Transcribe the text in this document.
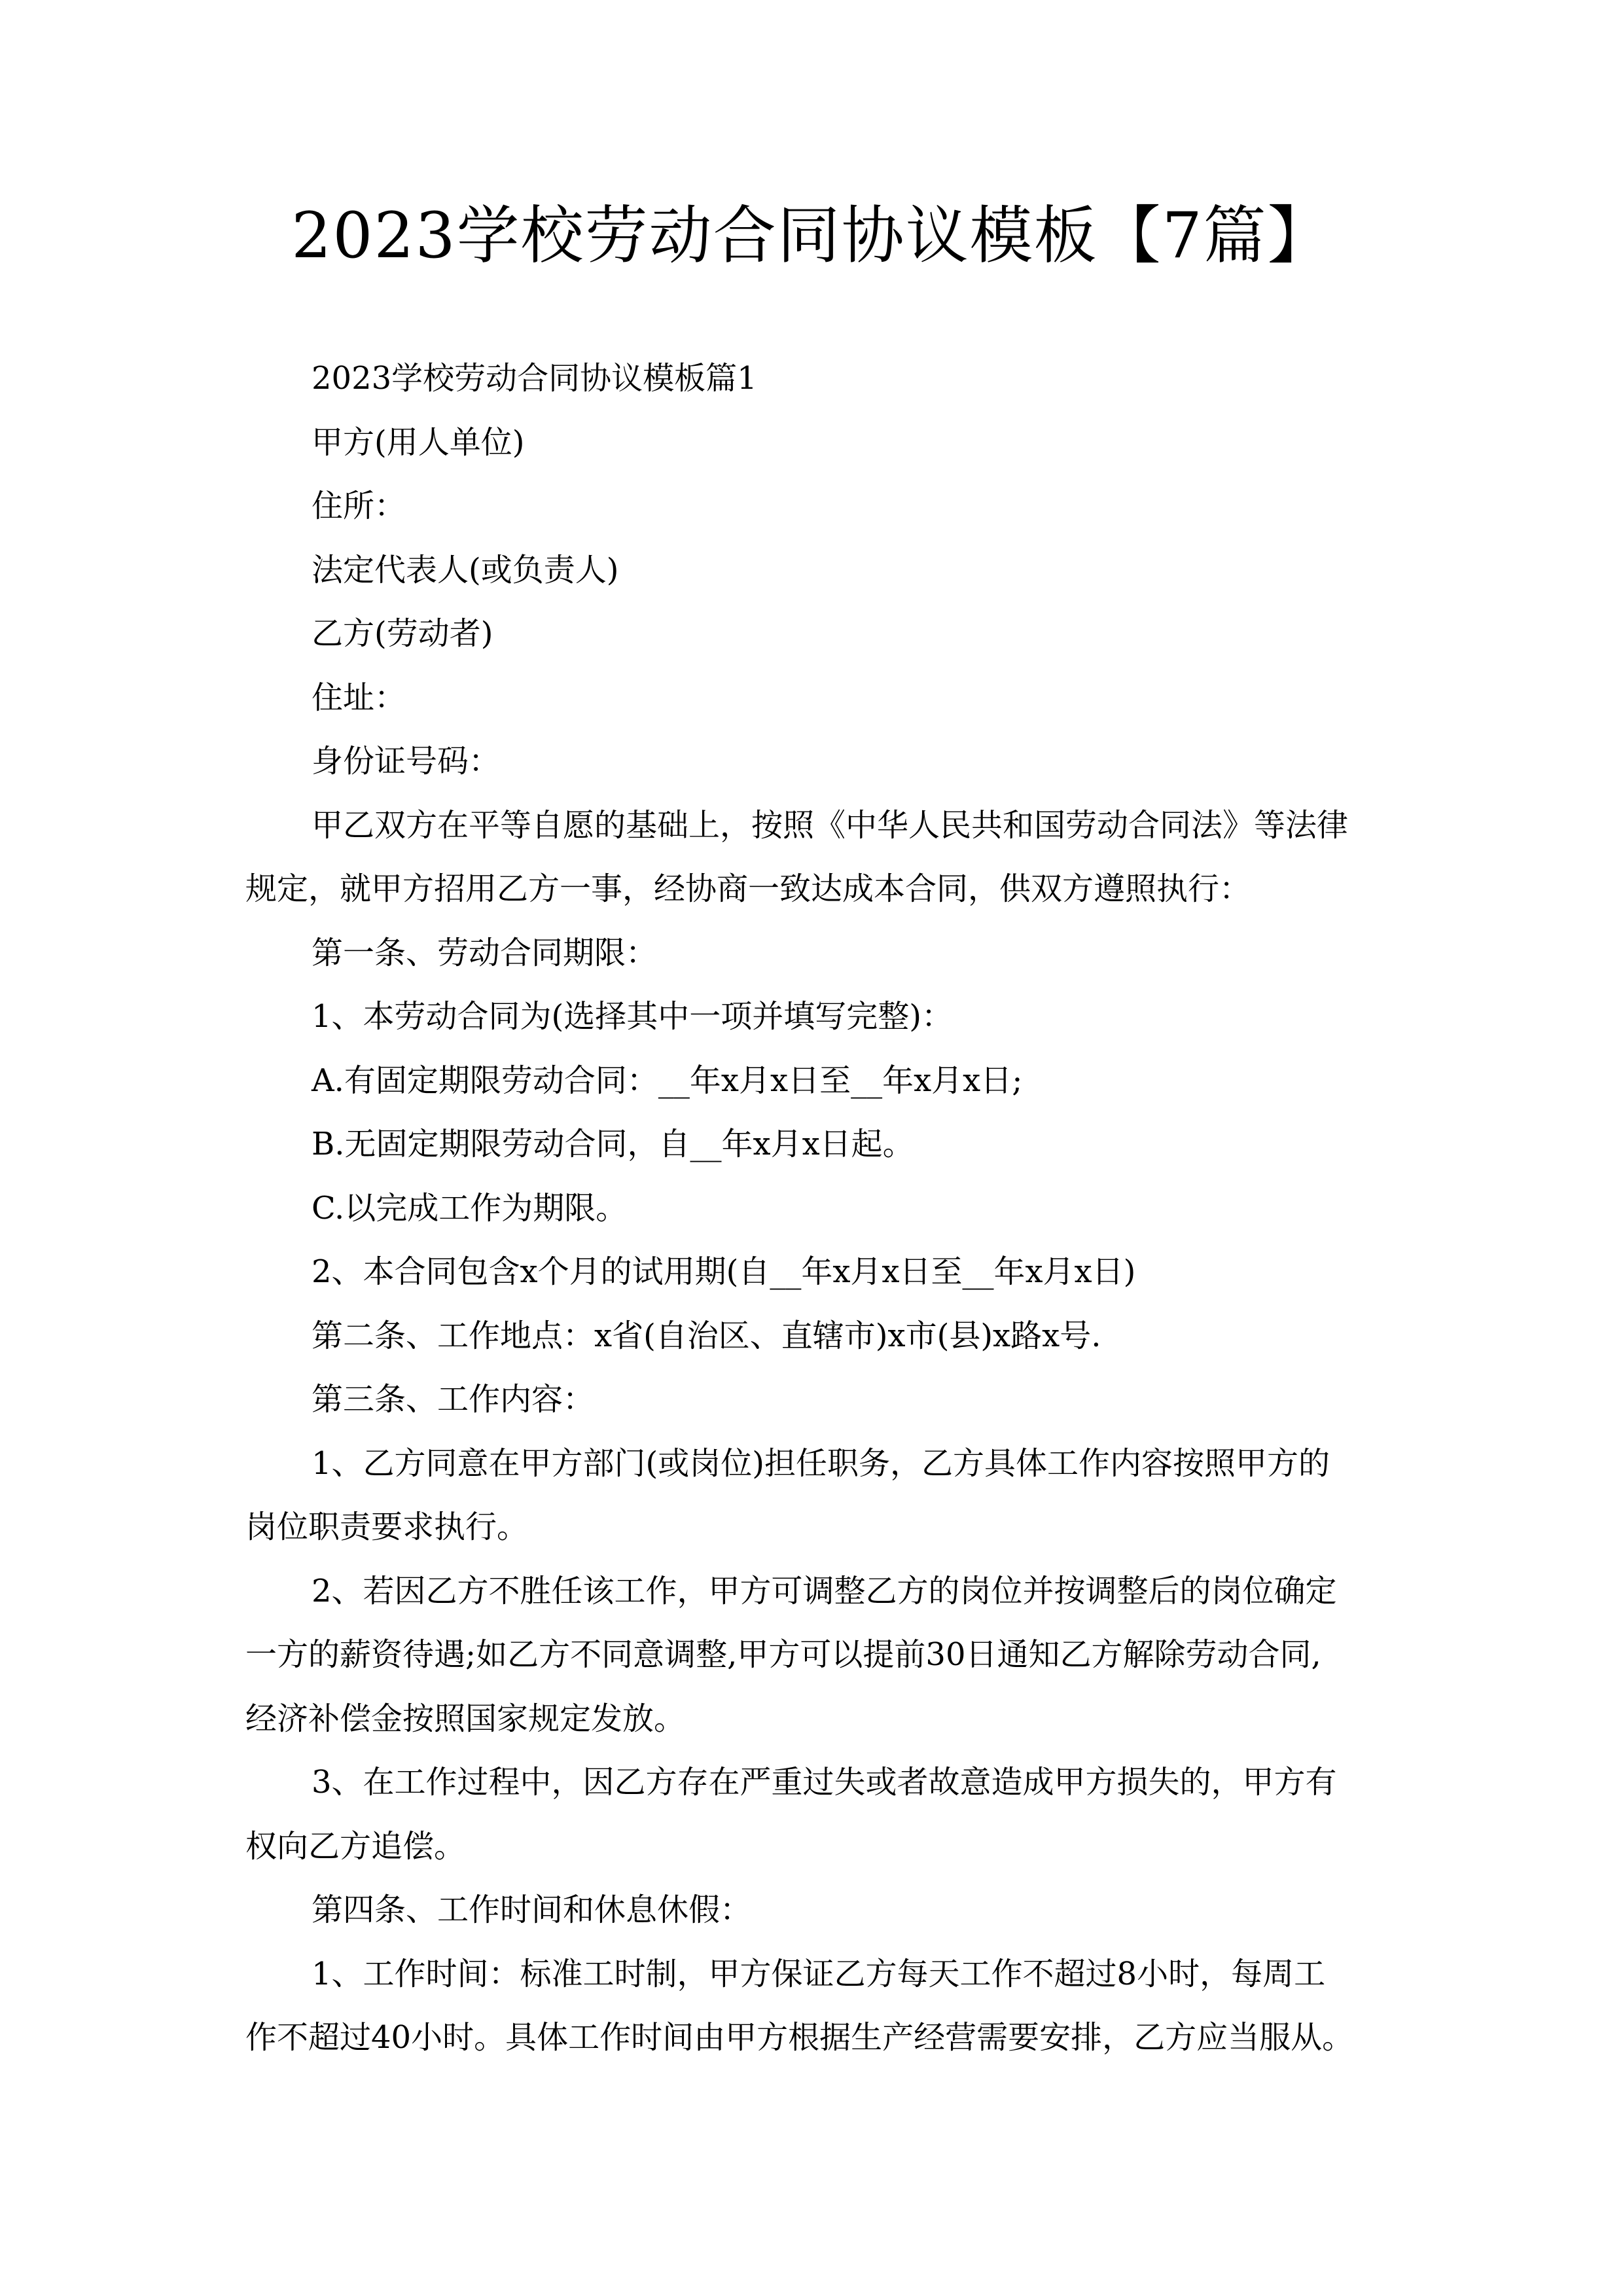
2023学校劳动合同协议模板【7篇】

2023学校劳动合同协议模板篇1

甲方(用人单位)

住所：

法定代表人(或负责人)

乙方(劳动者)

住址：

身份证号码：

甲乙双方在平等自愿的基础上，按照《中华人民共和国劳动合同法》等法律
规定，就甲方招用乙方一事，经协商一致达成本合同，供双方遵照执行：

第一条、劳动合同期限：

1、本劳动合同为(选择其中一项并填写完整)：

A.有固定期限劳动合同：__年x月x日至__年x月x日;

B.无固定期限劳动合同，自__年x月x日起。

C.以完成工作为期限。

2、本合同包含x个月的试用期(自__年x月x日至__年x月x日)

第二条、工作地点：x省(自治区、直辖市)x市(县)x路x号.

第三条、工作内容：

1、乙方同意在甲方部门(或岗位)担任职务，乙方具体工作内容按照甲方的
岗位职责要求执行。

2、若因乙方不胜任该工作，甲方可调整乙方的岗位并按调整后的岗位确定
一方的薪资待遇;如乙方不同意调整,甲方可以提前30日通知乙方解除劳动合同,
经济补偿金按照国家规定发放。

3、在工作过程中，因乙方存在严重过失或者故意造成甲方损失的，甲方有
权向乙方追偿。

第四条、工作时间和休息休假：

1、工作时间：标准工时制，甲方保证乙方每天工作不超过8小时，每周工
作不超过40小时。具体工作时间由甲方根据生产经营需要安排，乙方应当服从。
